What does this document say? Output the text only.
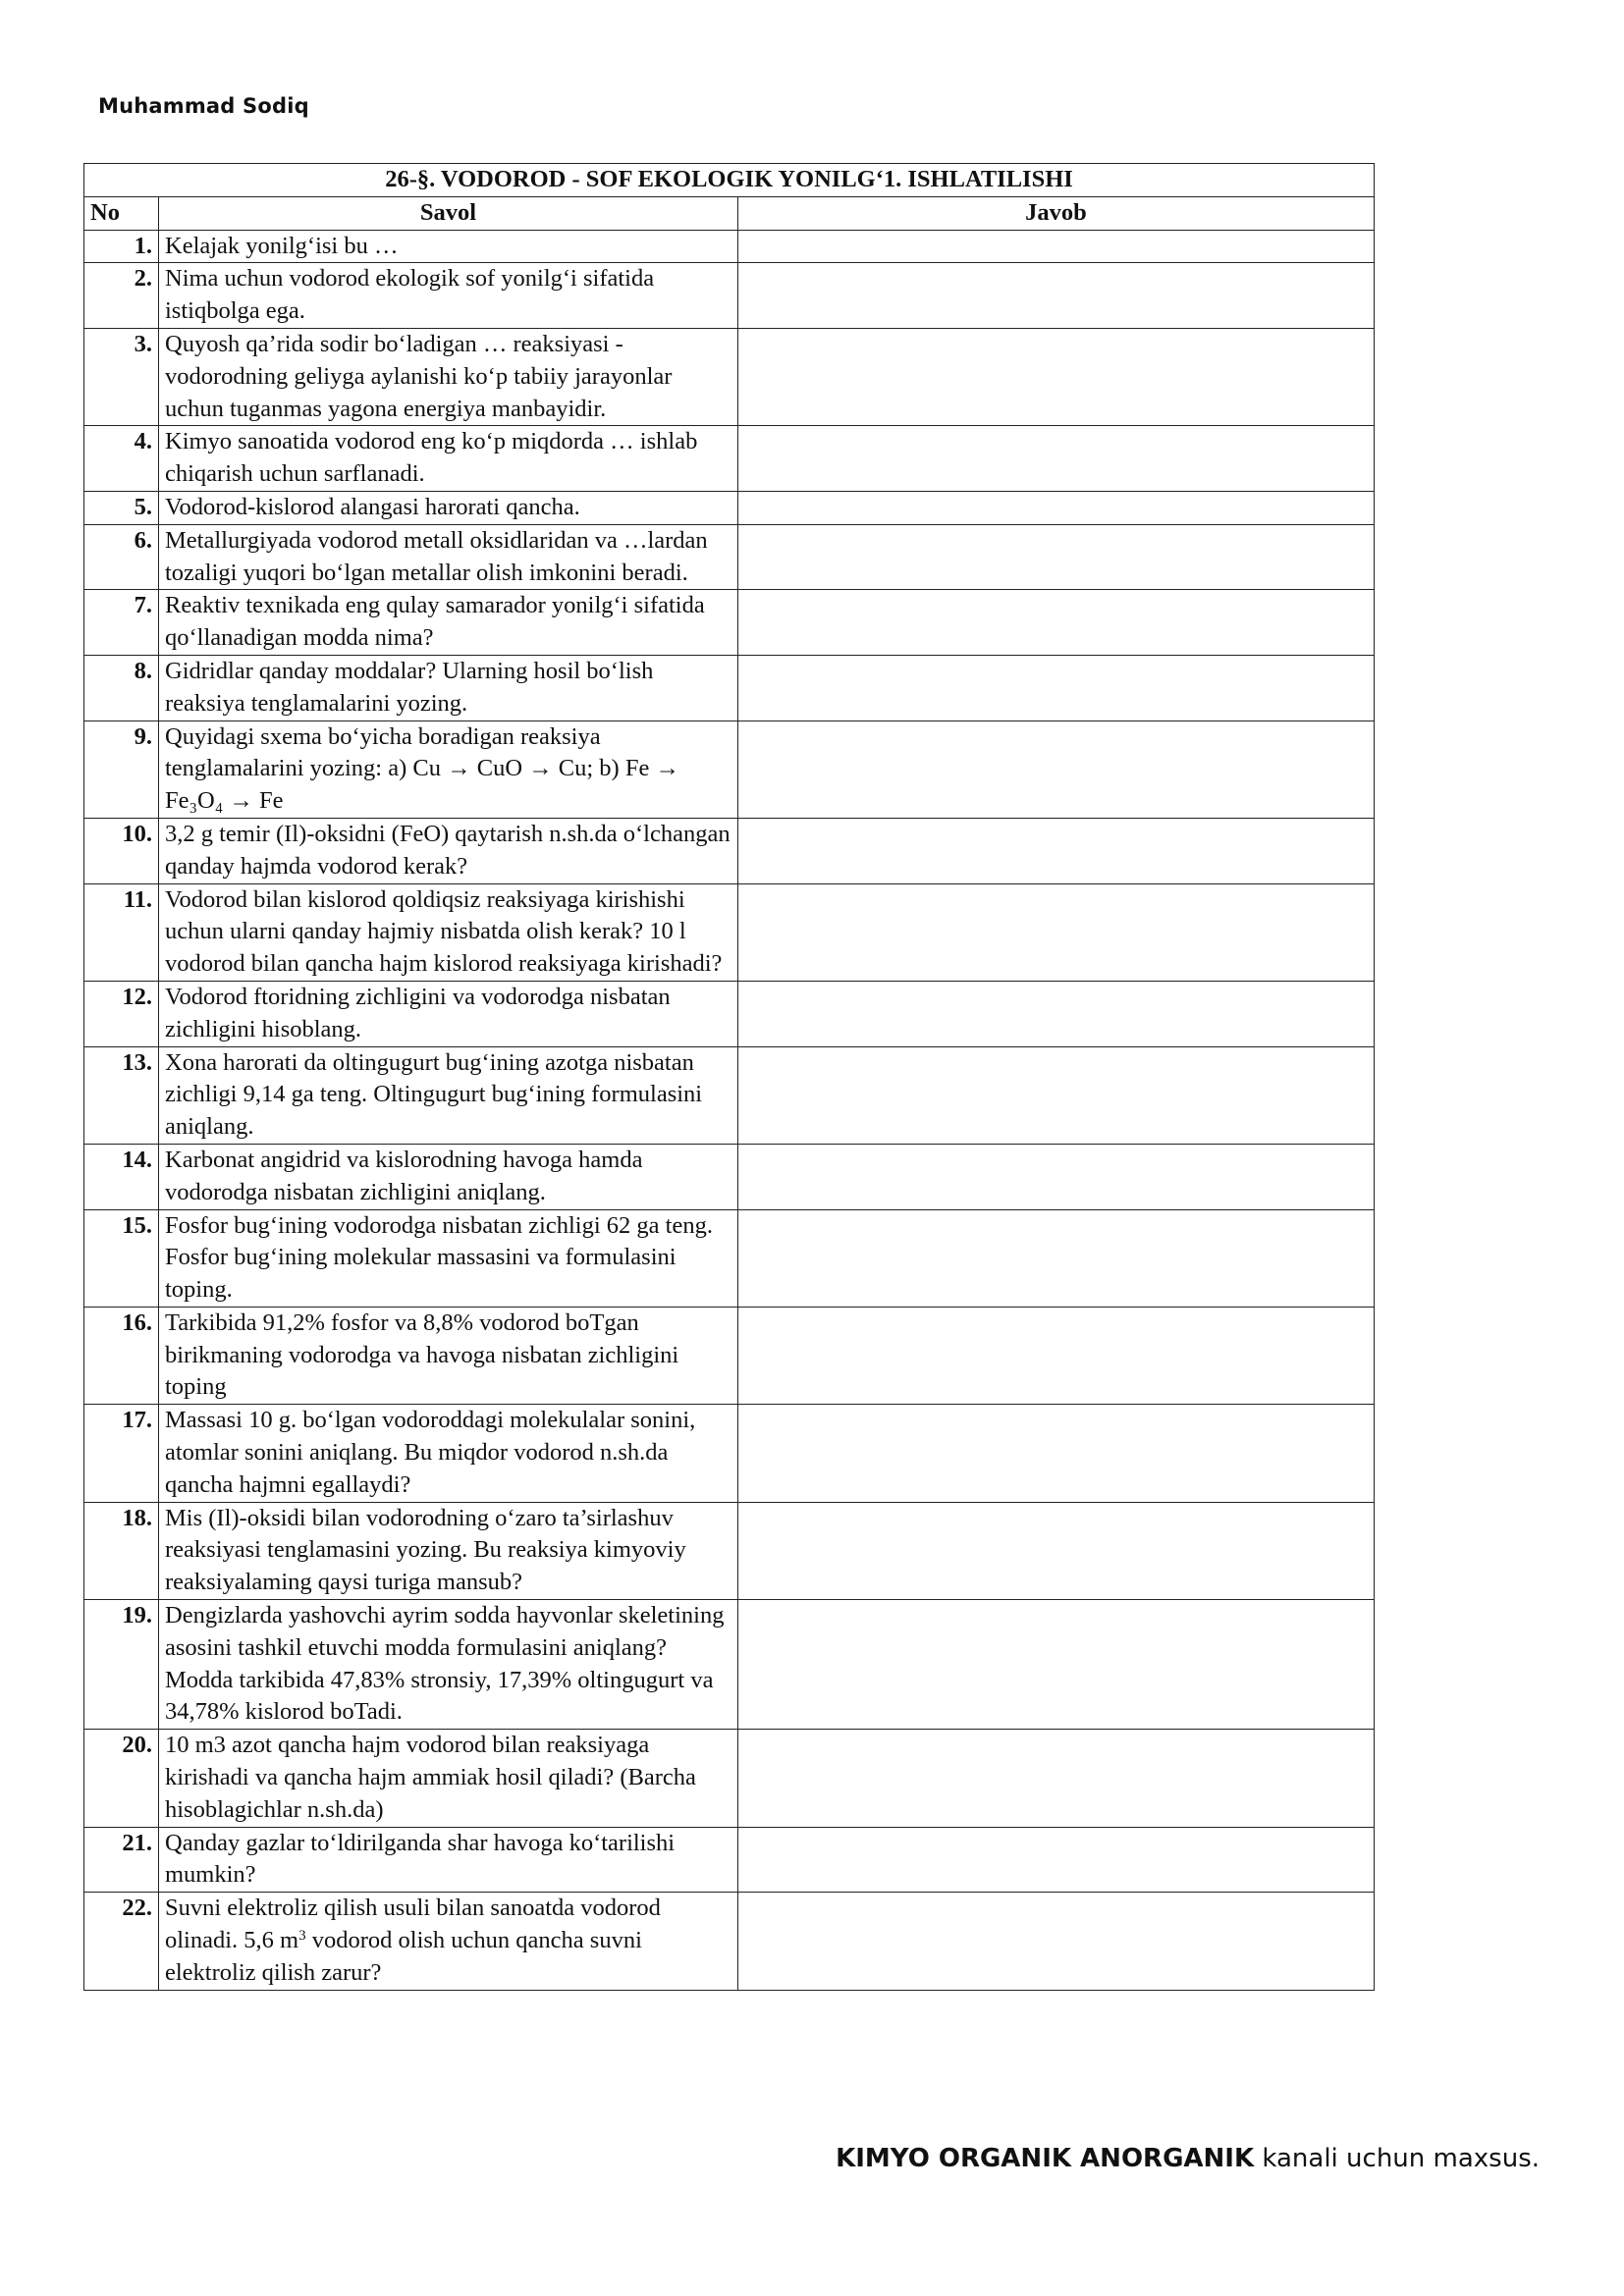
Muhammad Sodiq
26-§. VODOROD - SOF EKOLOGIK YONILG‘1. ISHLATILISHI		
No	Savol	Javob
1.	Kelajak yonilg‘isi bu …	
2.	Nima uchun vodorod ekologik sof yonilg‘i sifatida istiqbolga ega.	
3.	Quyosh qa’rida sodir bo‘ladigan … reaksiyasi - vodorodning geliyga aylanishi ko‘p tabiiy jarayonlar uchun tuganmas yagona energiya manbayidir.	
4.	Kimyo sanoatida vodorod eng ko‘p miqdorda … ishlab chiqarish uchun sarflanadi.	
5.	Vodorod-kislorod alangasi harorati qancha.	
6.	Metallurgiyada vodorod metall oksidlaridan va …lardan tozaligi yuqori bo‘lgan metallar olish imkonini beradi.	
7.	Reaktiv texnikada eng qulay samarador yonilg‘i sifatida qo‘llanadigan modda nima?	
8.	Gidridlar qanday moddalar? Ularning hosil bo‘lish reaksiya tenglamalarini yozing.	
9.	Quyidagi sxema bo‘yicha boradigan reaksiya tenglamalarini yozing: a) Cu → CuO → Cu; b) Fe → Fe₃O₄ → Fe	
10.	3,2 g temir (Il)-oksidni (FeO) qaytarish n.sh.da o‘lchangan qanday hajmda vodorod kerak?	
11.	Vodorod bilan kislorod qoldiqsiz reaksiyaga kirishishi uchun ularni qanday hajmiy nisbatda olish kerak? 10 l vodorod bilan qancha hajm kislorod reaksiyaga kirishadi?	
12.	Vodorod ftoridning zichligini va vodorodga nisbatan zichligini hisoblang.	
13.	Xona harorati da oltingugurt bug‘ining azotga nisbatan zichligi 9,14 ga teng. Oltingugurt bug‘ining formulasini aniqlang.	
14.	Karbonat angidrid va kislorodning havoga hamda vodorodga nisbatan zichligini aniqlang.	
15.	Fosfor bug‘ining vodorodga nisbatan zichligi 62 ga teng. Fosfor bug‘ining molekular massasini va formulasini toping.	
16.	Tarkibida 91,2% fosfor va 8,8% vodorod boTgan birikmaning vodorodga va havoga nisbatan zichligini toping	
17.	Massasi 10 g. bo‘lgan vodoroddagi molekulalar sonini, atomlar sonini aniqlang. Bu miqdor vodorod n.sh.da qancha hajmni egallaydi?	
18.	Mis (Il)-oksidi bilan vodorodning o‘zaro ta’sirlashuv reaksiyasi tenglamasini yozing. Bu reaksiya kimyoviy reaksiyalaming qaysi turiga mansub?	
19.	Dengizlarda yashovchi ayrim sodda hayvonlar skeletining asosini tashkil etuvchi modda formulasini aniqlang? Modda tarkibida 47,83% stronsiy, 17,39% oltingugurt va 34,78% kislorod boTadi.	
20.	10 m3 azot qancha hajm vodorod bilan reaksiyaga kirishadi va qancha hajm ammiak hosil qiladi? (Barcha hisoblagichlar n.sh.da)	
21.	Qanday gazlar to‘ldirilganda shar havoga ko‘tarilishi mumkin?	
22.	Suvni elektroliz qilish usuli bilan sanoatda vodorod olinadi. 5,6 $m^3$ vodorod olish uchun qancha suvni elektroliz qilish zarur?	
KIMYO ORGANIK ANORGANIK kanali uchun maxsus.
